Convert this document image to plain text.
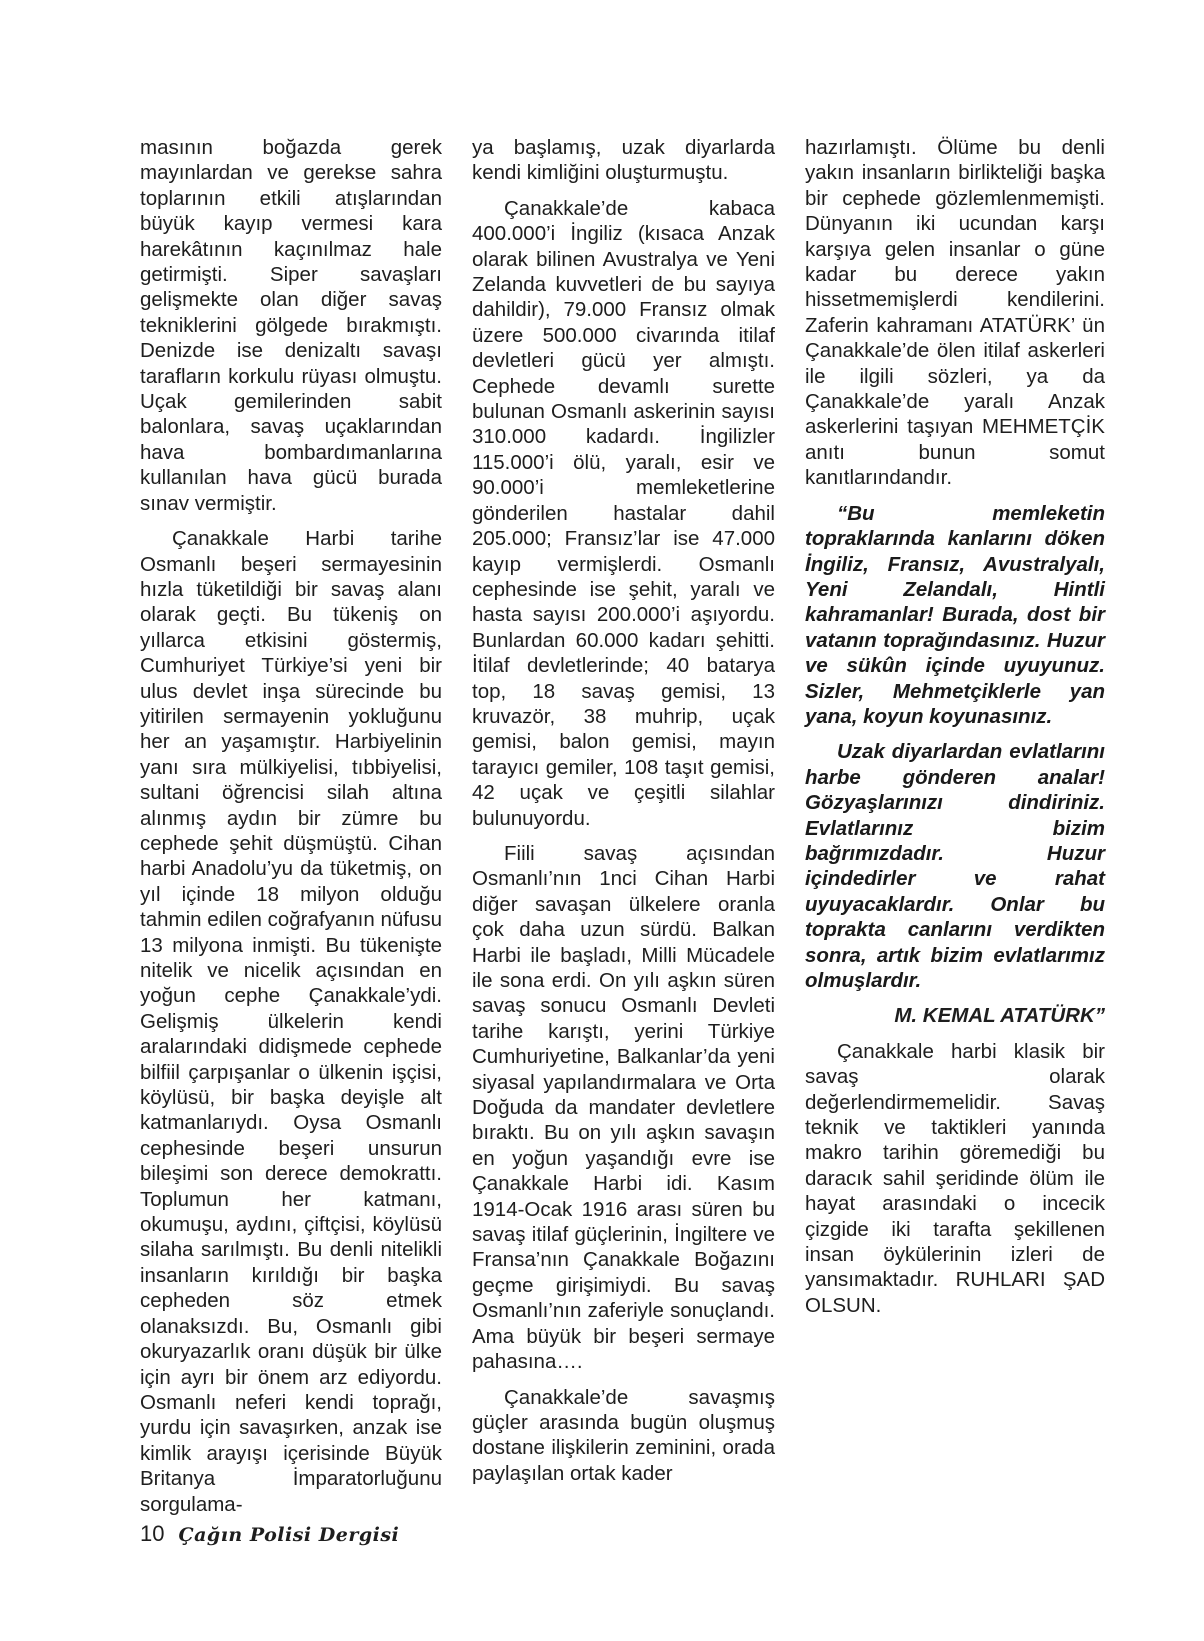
masının boğazda gerek mayınlardan ve gerekse sahra toplarının etkili atışlarından büyük kayıp vermesi kara harekâtının kaçınılmaz hale getirmişti. Siper savaşları gelişmekte olan diğer savaş tekniklerini gölgede bırakmıştı. Denizde ise denizaltı savaşı tarafların korkulu rüyası olmuştu. Uçak gemilerinden sabit balonlara, savaş uçaklarından hava bombardımanlarına kullanılan hava gücü burada sınav vermiştir.

Çanakkale Harbi tarihe Osmanlı beşeri sermayesinin hızla tüketildiği bir savaş alanı olarak geçti. Bu tükeniş on yıllarca etkisini göstermiş, Cumhuriyet Türkiye’si yeni bir ulus devlet inşa sürecinde bu yitirilen sermayenin yokluğunu her an yaşamıştır. Harbiyelinin yanı sıra mülkiyelisi, tıbbiyelisi, sultani öğrencisi silah altına alınmış aydın bir zümre bu cephede şehit düşmüştü. Cihan harbi Anadolu’yu da tüketmiş, on yıl içinde 18 milyon olduğu tahmin edilen coğrafyanın nüfusu 13 milyona inmişti. Bu tükenişte nitelik ve nicelik açısından en yoğun cephe Çanakkale’ydi. Gelişmiş ülkelerin kendi aralarındaki didişmede cephede bilfiil çarpışanlar o ülkenin işçisi, köylüsü, bir başka deyişle alt katmanlarıydı. Oysa Osmanlı cephesinde beşeri unsurun bileşimi son derece demokrattı. Toplumun her katmanı, okumuşu, aydını, çiftçisi, köylüsü silaha sarılmıştı. Bu denli nitelikli insanların kırıldığı bir başka cepheden söz etmek olanaksızdı. Bu, Osmanlı gibi okuryazarlık oranı düşük bir ülke için ayrı bir önem arz ediyordu. Osmanlı neferi kendi toprağı, yurdu için savaşırken, anzak ise kimlik arayışı içerisinde Büyük Britanya İmparatorluğunu sorgulama-

ya başlamış, uzak diyarlarda kendi kimliğini oluşturmuştu.

Çanakkale’de kabaca 400.000’i İngiliz (kısaca Anzak olarak bilinen Avustralya ve Yeni Zelanda kuvvetleri de bu sayıya dahildir), 79.000 Fransız olmak üzere 500.000 civarında itilaf devletleri gücü yer almıştı. Cephede devamlı surette bulunan Osmanlı askerinin sayısı 310.000 kadardı. İngilizler 115.000’i ölü, yaralı, esir ve 90.000’i memleketlerine gönderilen hastalar dahil 205.000; Fransız’lar ise 47.000 kayıp vermişlerdi. Osmanlı cephesinde ise şehit, yaralı ve hasta sayısı 200.000’i aşıyordu. Bunlardan 60.000 kadarı şehitti. İtilaf devletlerinde; 40 batarya top, 18 savaş gemisi, 13 kruvazör, 38 muhrip, uçak gemisi, balon gemisi, mayın tarayıcı gemiler, 108 taşıt gemisi, 42 uçak ve çeşitli silahlar bulunuyordu.

Fiili savaş açısından Osmanlı’nın 1nci Cihan Harbi diğer savaşan ülkelere oranla çok daha uzun sürdü. Balkan Harbi ile başladı, Milli Mücadele ile sona erdi. On yılı aşkın süren savaş sonucu Osmanlı Devleti tarihe karıştı, yerini Türkiye Cumhuriyetine, Balkanlar’da yeni siyasal yapılandırmalara ve Orta Doğuda da mandater devletlere bıraktı. Bu on yılı aşkın savaşın en yoğun yaşandığı evre ise Çanakkale Harbi idi. Kasım 1914-Ocak 1916 arası süren bu savaş itilaf güçlerinin, İngiltere ve Fransa’nın Çanakkale Boğazını geçme girişimiydi. Bu savaş Osmanlı’nın zaferiyle sonuçlandı. Ama büyük bir beşeri sermaye pahasına….

Çanakkale’de savaşmış güçler arasında bugün oluşmuş dostane ilişkilerin zeminini, orada paylaşılan ortak kader

hazırlamıştı. Ölüme bu denli yakın insanların birlikteliği başka bir cephede gözlemlenmemişti. Dünyanın iki ucundan karşı karşıya gelen insanlar o güne kadar bu derece yakın hissetmemişlerdi kendilerini. Zaferin kahramanı ATATÜRK’ ün Çanakkale’de ölen itilaf askerleri ile ilgili sözleri, ya da Çanakkale’de yaralı Anzak askerlerini taşıyan MEHMETÇİK anıtı bunun somut kanıtlarındandır.

“Bu memleketin topraklarında kanlarını döken İngiliz, Fransız, Avustralyalı, Yeni Zelandalı, Hintli kahramanlar! Burada, dost bir vatanın toprağındasınız. Huzur ve sükûn içinde uyuyunuz. Sizler, Mehmetçiklerle yan yana, koyun koyunasınız.

Uzak diyarlardan evlatlarını harbe gönderen analar! Gözyaşlarınızı dindiriniz. Evlatlarınız bizim bağrımızdadır. Huzur içindedirler ve rahat uyuyacaklardır. Onlar bu toprakta canlarını verdikten sonra, artık bizim evlatlarımız olmuşlardır.

M. KEMAL ATATÜRK”

Çanakkale harbi klasik bir savaş olarak değerlendirmemelidir. Savaş teknik ve taktikleri yanında makro tarihin göremediği bu daracık sahil şeridinde ölüm ile hayat arasındaki o incecik çizgide iki tarafta şekillenen insan öykülerinin izleri de yansımaktadır. RUHLARI ŞAD OLSUN.

10 Çağın Polisi Dergisi
